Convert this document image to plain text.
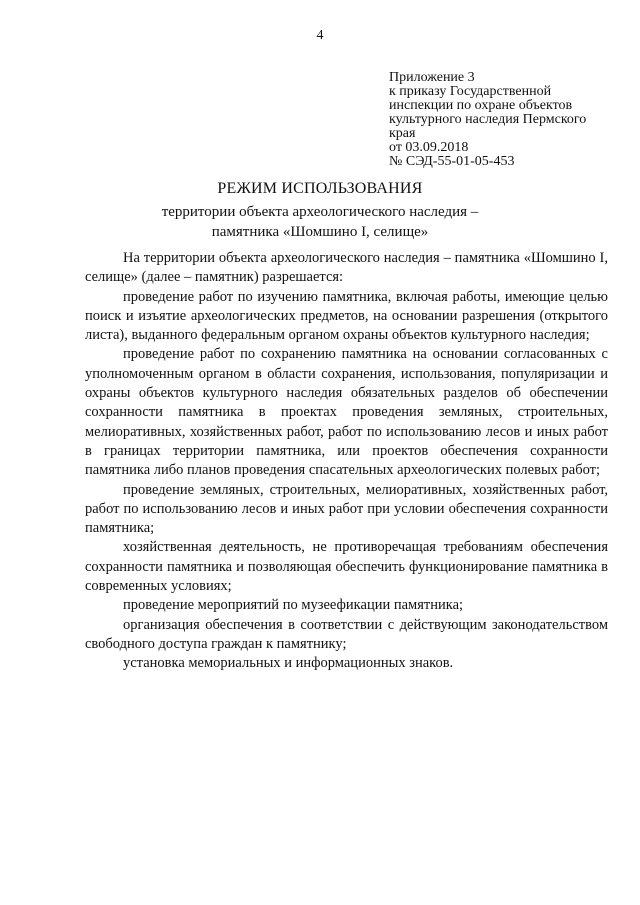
4
Приложение 3
к приказу Государственной
инспекции по охране объектов
культурного наследия Пермского
края
от 03.09.2018
№ СЭД-55-01-05-453
РЕЖИМ ИСПОЛЬЗОВАНИЯ
территории объекта археологического наследия –
памятника «Шомшино I, селище»

На территории объекта археологического наследия – памятника «Шомшино I, селище» (далее – памятник) разрешается:

проведение работ по изучению памятника, включая работы, имеющие целью поиск и изъятие археологических предметов, на основании разрешения (открытого листа), выданного федеральным органом охраны объектов культурного наследия;

проведение работ по сохранению памятника на основании согласованных с уполномоченным органом в области сохранения, использования, популяризации и охраны объектов культурного наследия обязательных разделов об обеспечении сохранности памятника в проектах проведения земляных, строительных, мелиоративных, хозяйственных работ, работ по использованию лесов и иных работ в границах территории памятника, или проектов обеспечения сохранности памятника либо планов проведения спасательных археологических полевых работ;

проведение земляных, строительных, мелиоративных, хозяйственных работ, работ по использованию лесов и иных работ при условии обеспечения сохранности памятника;

хозяйственная деятельность, не противоречащая требованиям обеспечения сохранности памятника и позволяющая обеспечить функционирование памятника в современных условиях;

проведение мероприятий по музеефикации памятника;

организация обеспечения в соответствии с действующим законодательством свободного доступа граждан к памятнику;

установка мемориальных и информационных знаков.
